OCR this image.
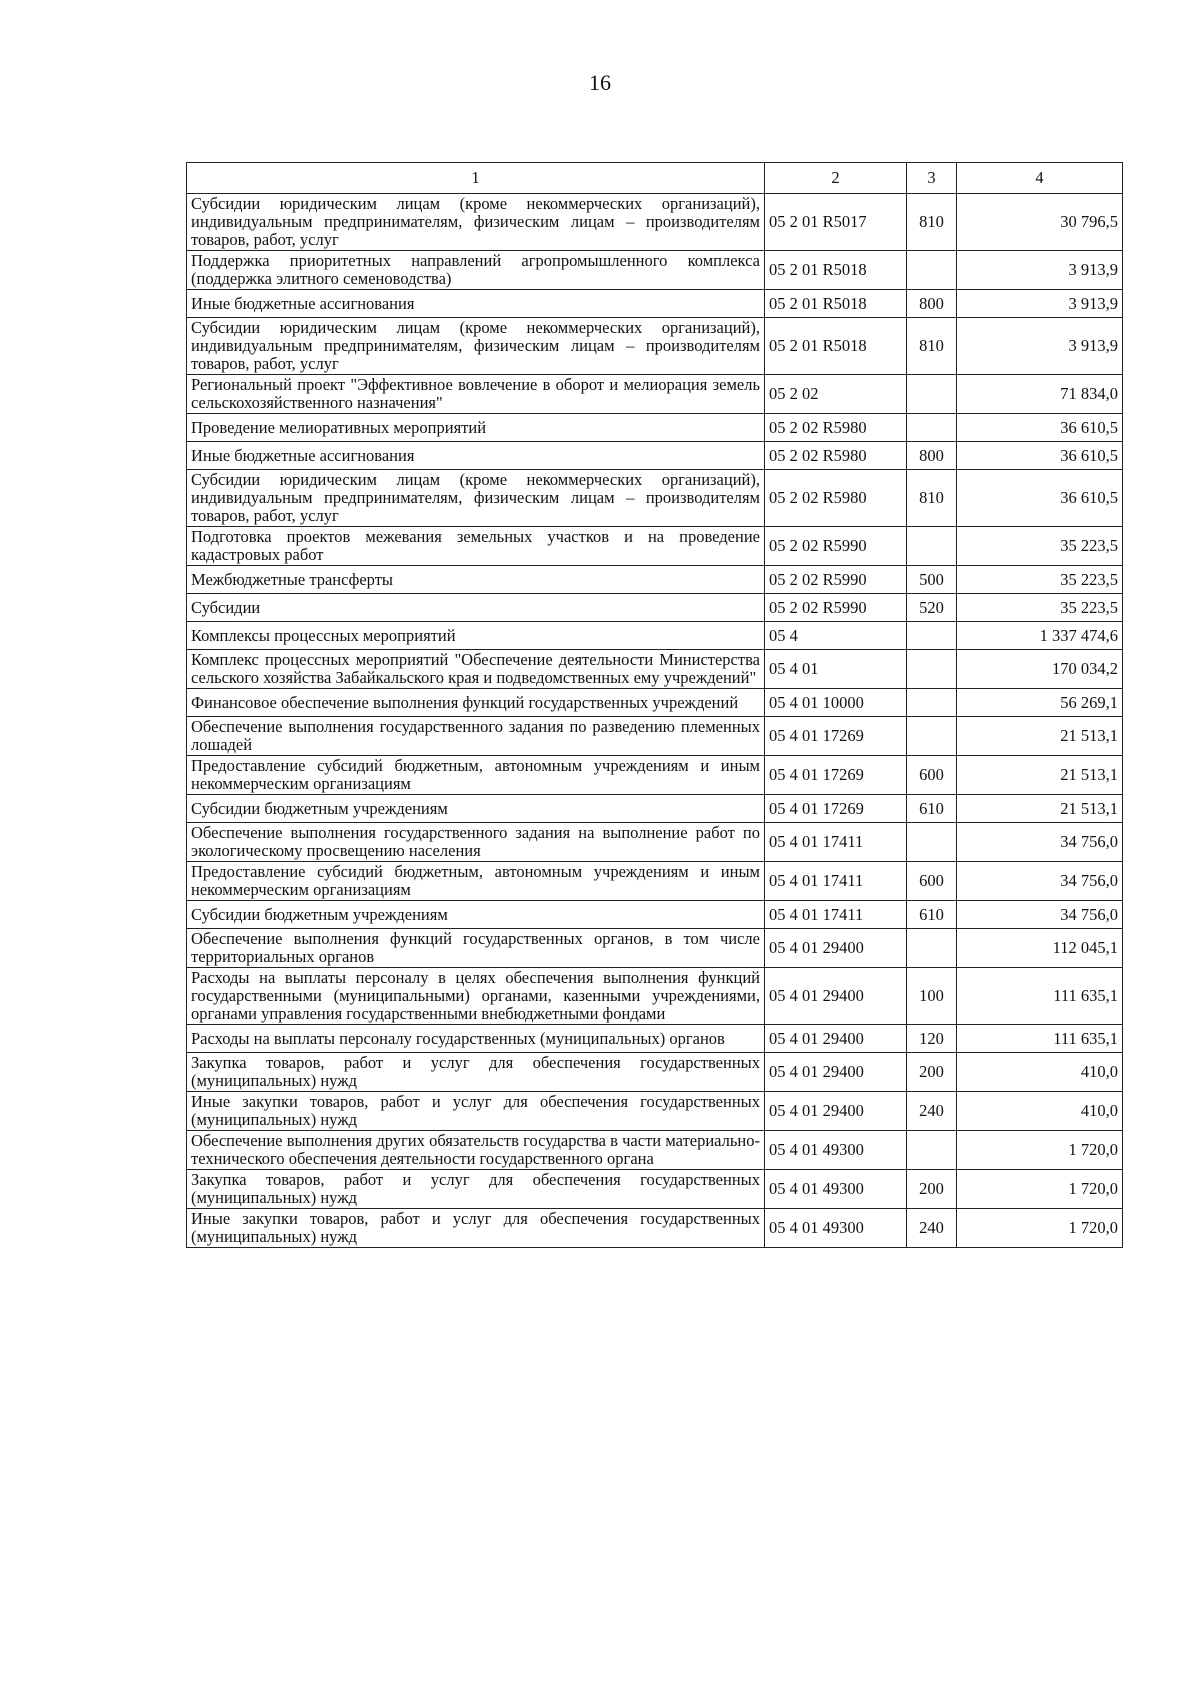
16
1	2	3	4
Субсидии юридическим лицам (кроме некоммерческих организаций), индивидуальным предпринимателям, физическим лицам – производителям товаров, работ, услуг	05 2 01 R5017	810	30 796,5
Поддержка приоритетных направлений агропромышленного комплекса (поддержка элитного семеноводства)	05 2 01 R5018		3 913,9
Иные бюджетные ассигнования	05 2 01 R5018	800	3 913,9
Субсидии юридическим лицам (кроме некоммерческих организаций), индивидуальным предпринимателям, физическим лицам – производителям товаров, работ, услуг	05 2 01 R5018	810	3 913,9
Региональный проект "Эффективное вовлечение в оборот и мелиорация земель сельскохозяйственного назначения"	05 2 02		71 834,0
Проведение мелиоративных мероприятий	05 2 02 R5980		36 610,5
Иные бюджетные ассигнования	05 2 02 R5980	800	36 610,5
Субсидии юридическим лицам (кроме некоммерческих организаций), индивидуальным предпринимателям, физическим лицам – производителям товаров, работ, услуг	05 2 02 R5980	810	36 610,5
Подготовка проектов межевания земельных участков и на проведение кадастровых работ	05 2 02 R5990		35 223,5
Межбюджетные трансферты	05 2 02 R5990	500	35 223,5
Субсидии	05 2 02 R5990	520	35 223,5
Комплексы процессных мероприятий	05 4		1 337 474,6
Комплекс процессных мероприятий "Обеспечение деятельности Министерства сельского хозяйства Забайкальского края и подведомственных ему учреждений"	05 4 01		170 034,2
Финансовое обеспечение выполнения функций государственных учреждений	05 4 01 10000		56 269,1
Обеспечение выполнения государственного задания по разведению племенных лошадей	05 4 01 17269		21 513,1
Предоставление субсидий бюджетным, автономным учреждениям и иным некоммерческим организациям	05 4 01 17269	600	21 513,1
Субсидии бюджетным учреждениям	05 4 01 17269	610	21 513,1
Обеспечение выполнения государственного задания на выполнение работ по экологическому просвещению населения	05 4 01 17411		34 756,0
Предоставление субсидий бюджетным, автономным учреждениям и иным некоммерческим организациям	05 4 01 17411	600	34 756,0
Субсидии бюджетным учреждениям	05 4 01 17411	610	34 756,0
Обеспечение выполнения функций государственных органов, в том числе территориальных органов	05 4 01 29400		112 045,1
Расходы на выплаты персоналу в целях обеспечения выполнения функций государственными (муниципальными) органами, казенными учреждениями, органами управления государственными внебюджетными фондами	05 4 01 29400	100	111 635,1
Расходы на выплаты персоналу государственных (муниципальных) органов	05 4 01 29400	120	111 635,1
Закупка товаров, работ и услуг для обеспечения государственных (муниципальных) нужд	05 4 01 29400	200	410,0
Иные закупки товаров, работ и услуг для обеспечения государственных (муниципальных) нужд	05 4 01 29400	240	410,0
Обеспечение выполнения других обязательств государства в части материально-технического обеспечения деятельности государственного органа	05 4 01 49300		1 720,0
Закупка товаров, работ и услуг для обеспечения государственных (муниципальных) нужд	05 4 01 49300	200	1 720,0
Иные закупки товаров, работ и услуг для обеспечения государственных (муниципальных) нужд	05 4 01 49300	240	1 720,0
